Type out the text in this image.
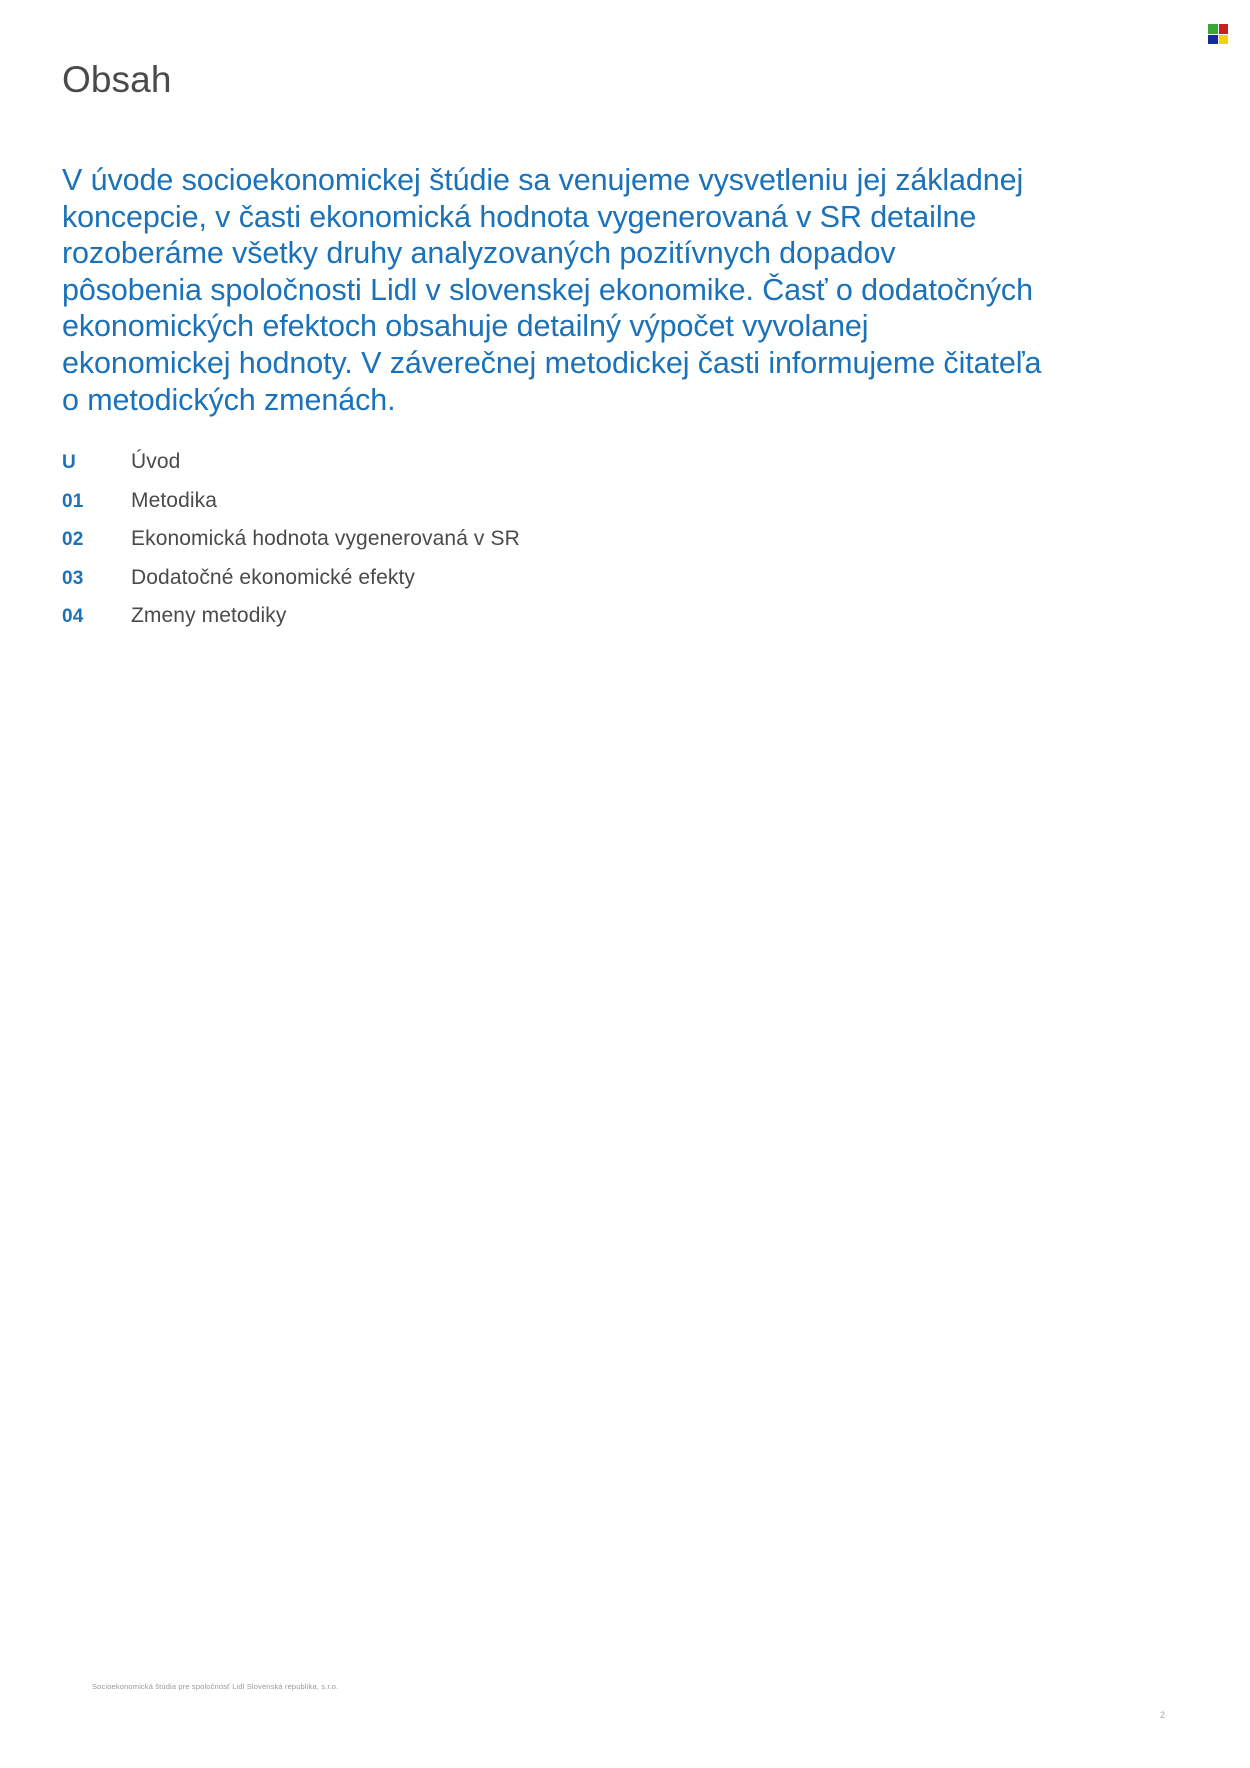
Obsah

V úvode socioekonomickej štúdie sa venujeme vysvetleniu jej základnej koncepcie, v časti ekonomická hodnota vygenerovaná v SR detailne rozoberáme všetky druhy analyzovaných pozitívnych dopadov pôsobenia spoločnosti Lidl v slovenskej ekonomike. Časť o dodatočných ekonomických efektoch obsahuje detailný výpočet vyvolanej ekonomickej hodnoty. V záverečnej metodickej časti informujeme čitateľa o metodických zmenách.

U	Úvod
01	Metodika
02	Ekonomická hodnota vygenerovaná v SR
03	Dodatočné ekonomické efekty
04	Zmeny metodiky

Socioekonomická štúdia pre spoločnosť Lidl Slovenská republika, s.r.o.

2
